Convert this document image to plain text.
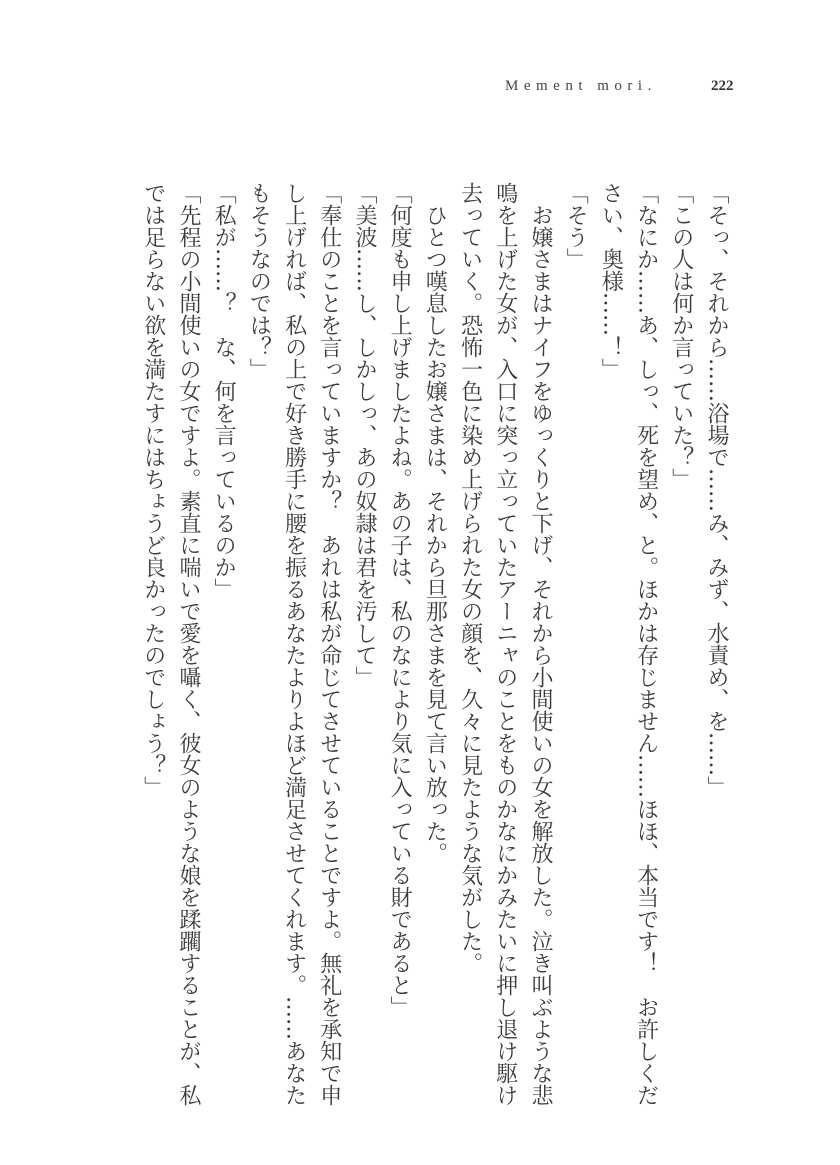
Mement mori.	222
「そっ、それから……浴場で……み、みず、水責め、を……」
「この人は何か言っていた？」
「なにか……あ、しっ、死を望め、と。ほかは存じません……ほほ、本当です！　お許しくだ
さい、奥様……！」
「そう」
　お嬢さまはナイフをゆっくりと下げ、それから小間使いの女を解放した。泣き叫ぶような悲
鳴を上げた女が、入口に突っ立っていたアーニャのことをものかなにかみたいに押し退け駆け
去っていく。恐怖一色に染め上げられた女の顔を、久々に見たような気がした。
　ひとつ嘆息したお嬢さまは、それから旦那さまを見て言い放った。
「何度も申し上げましたよね。あの子は、私のなにより気に入っている財であると」
「美波……し、しかしっ、あの奴隷は君を汚して」
「奉仕のことを言っていますか？　あれは私が命じてさせていることですよ。無礼を承知で申
し上げれば、私の上で好き勝手に腰を振るあなたよりよほど満足させてくれます。……あなた
もそうなのでは？」
「私が……？　な、何を言っているのか」
「先程の小間使いの女ですよ。素直に喘いで愛を囁く、彼女のような娘を蹂躙することが、私
では足らない欲を満たすにはちょうど良かったのでしょう？」
